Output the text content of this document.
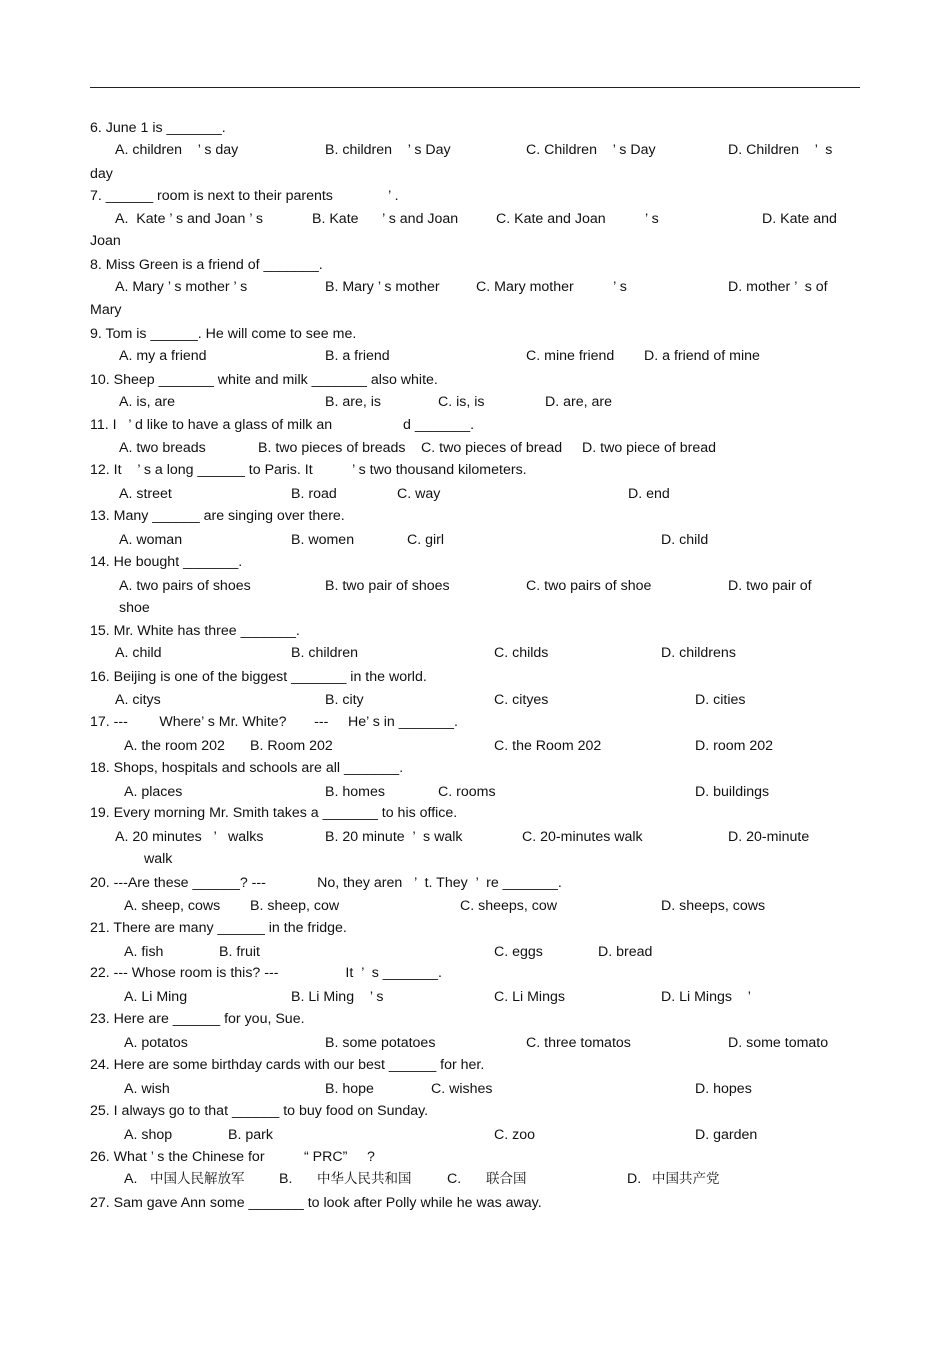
6. June 1 is _______.
A. children    ’ s day	B. children    ’ s Day	C. Children    ’ s Day	D. Children    ’  s
day
7. ______ room is next to their parents              ’ .
A.  Kate ’ s and Joan ’ s	B. Kate      ’ s and Joan	C. Kate and Joan          ’ s	D. Kate and
Joan
8. Miss Green is a friend of _______.
A. Mary ’ s mother ’ s	B. Mary ’ s mother	C. Mary mother          ’ s	D. mother ’  s of
Mary
9. Tom is ______. He will come to see me.
A. my a friend	B. a friend	C. mine friend D. a friend of mine
10. Sheep _______ white and milk _______ also white.
A. is, are	B. are, is	C. is, is	D. are, are
11. I   ’ d like to have a glass of milk an                  d _______.
A. two breads	B. two pieces of breads C. two pieces of bread D. two piece of bread
12. It    ’ s a long ______ to Paris. It          ’ s two thousand kilometers.
A. street	B. road	C. way	D. end
13. Many ______ are singing over there.
A. woman	B. women	C. girl	D. child
14. He bought _______.
A. two pairs of shoes	B. two pair of shoes	C. two pairs of shoe	D. two pair of
shoe
15. Mr. White has three _______.
A. child	B. children	C. childs	D. childrens
16. Beijing is one of the biggest _______ in the world.
A. citys	B. city	C. cityes	D. cities
17. ---        Where’ s Mr. White?       ---     He’ s in _______.
A. the room 202 B. Room 202	C. the Room 202	D. room 202
18. Shops, hospitals and schools are all _______.
A. places	B. homes	C. rooms	D. buildings
19. Every morning Mr. Smith takes a _______ to his office.
A. 20 minutes   ’   walks	B. 20 minute  ’  s walk	C. 20-minutes walk	D. 20-minute
walk
20. ---Are these ______? ---             No, they aren   ’  t. They  ’  re _______.
A. sheep, cows B. sheep, cow	C. sheeps, cow	D. sheeps, cows
21. There are many ______ in the fridge.
A. fish	B. fruit	C. eggs	D. bread
22. --- Whose room is this? ---                 It  ’  s _______.
A. Li Ming	B. Li Ming    ’ s	C. Li Mings	D. Li Mings    ’
23. Here are ______ for you, Sue.
A. potatos	B. some potatoes	C. three tomatos	D. some tomato
24. Here are some birthday cards with our best ______ for her.
A. wish	B. hope	C. wishes	D. hopes
25. I always go to that ______ to buy food on Sunday.
A. shop	B. park	C. zoo	D. garden
26. What ’ s the Chinese for          “ PRC”     ?
A. 中国人民解放军 B. 中华人民共和国	C. 联合国	D. 中国共产党
27. Sam gave Ann some _______ to look after Polly while he was away.
